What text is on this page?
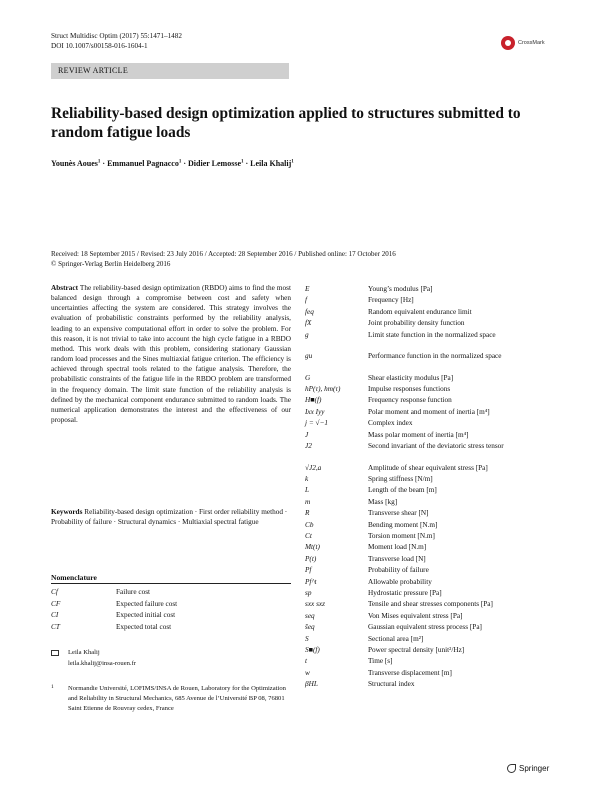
Struct Multidisc Optim (2017) 55:1471–1482
DOI 10.1007/s00158-016-1604-1	CrossMark
REVIEW ARTICLE
Reliability-based design optimization applied to structures submitted to random fatigue loads
Younès Aoues$^1$ · Emmanuel Pagnacco$^1$ · Didier Lemosse$^1$ · Leila Khalij$^1$
Received: 18 September 2015 / Revised: 23 July 2016 / Accepted: 28 September 2016 / Published online: 17 October 2016
© Springer-Verlag Berlin Heidelberg 2016
Abstract The reliability-based design optimization (RBDO) aims to find the most balanced design through a compromise between cost and safety when uncertainties affecting the system are considered. This strategy involves the evaluation of probabilistic constraints performed by the reliability analysis, leading to an expensive computational effort in order to solve the problem. For this reason, it is not trivial to take into account the high cycle fatigue in a RBDO method. This work deals with this problem, considering stationary Gaussian random load processes and the Sines multiaxial fatigue criterion. The efficiency is achieved through spectral tools related to the fatigue analysis. Therefore, the probabilistic constraints of the fatigue life in the RBDO problem are transformed in the frequency domain. The limit state function of the reliability analysis is defined by the mechanical component endurance submitted to random loads. The numerical application demonstrates the interest and the effectiveness of our proposal.
Keywords Reliability-based design optimization · First order reliability method · Probability of failure · Structural dynamics · Multiaxial spectral fatigue
Nomenclature
Cf	Failure cost
CF	Expected failure cost
CI	Expected initial cost
CT	Expected total cost
Leila Khalij
leila.khalij@insa-rouen.fr
1 Normandie Université, LOFIMS/INSA de Rouen, Laboratory for the Optimization and Reliability in Structural Mechanics, 685 Avenue de l’Université BP 08, 76801 Saint Etienne de Rouvray cedex, France
E	Young’s modulus [Pa]
f	Frequency [Hz]
feq	Random equivalent endurance limit
fX	Joint probability density function
g	Limit state function in the normalized space
gu	Performance function in the normalized space
G	Shear elasticity modulus [Pa]
hP(τ), hm(τ)	Impulse responses functions
H■(f)	Frequency response function
Ixx Iyy	Polar moment and moment of inertia [m⁴]
j = √−1	Complex index
J	Mass polar moment of inertia [m⁴]
J2	Second invariant of the deviatoric stress tensor
√J2,a	Amplitude of shear equivalent stress [Pa]
k	Spring stiffness [N/m]
L	Length of the beam [m]
m	Mass [kg]
R	Transverse shear [N]
Cb	Bending moment [N.m]
Ct	Torsion moment [N.m]
Mt(t)	Moment load [N.m]
P(t)	Transverse load [N]
Pf	Probability of failure
Pf^t	Allowable probability
sp	Hydrostatic pressure [Pa]
sxx sxz	Tensile and shear stresses components [Pa]
seq	Von Mises equivalent stress [Pa]
s̃eq	Gaussian equivalent stress process [Pa]
S	Sectional area [m²]
S■(f)	Power spectral density [unit²/Hz]
t	Time [s]
w	Transverse displacement [m]
βHL	Structural index
Springer
